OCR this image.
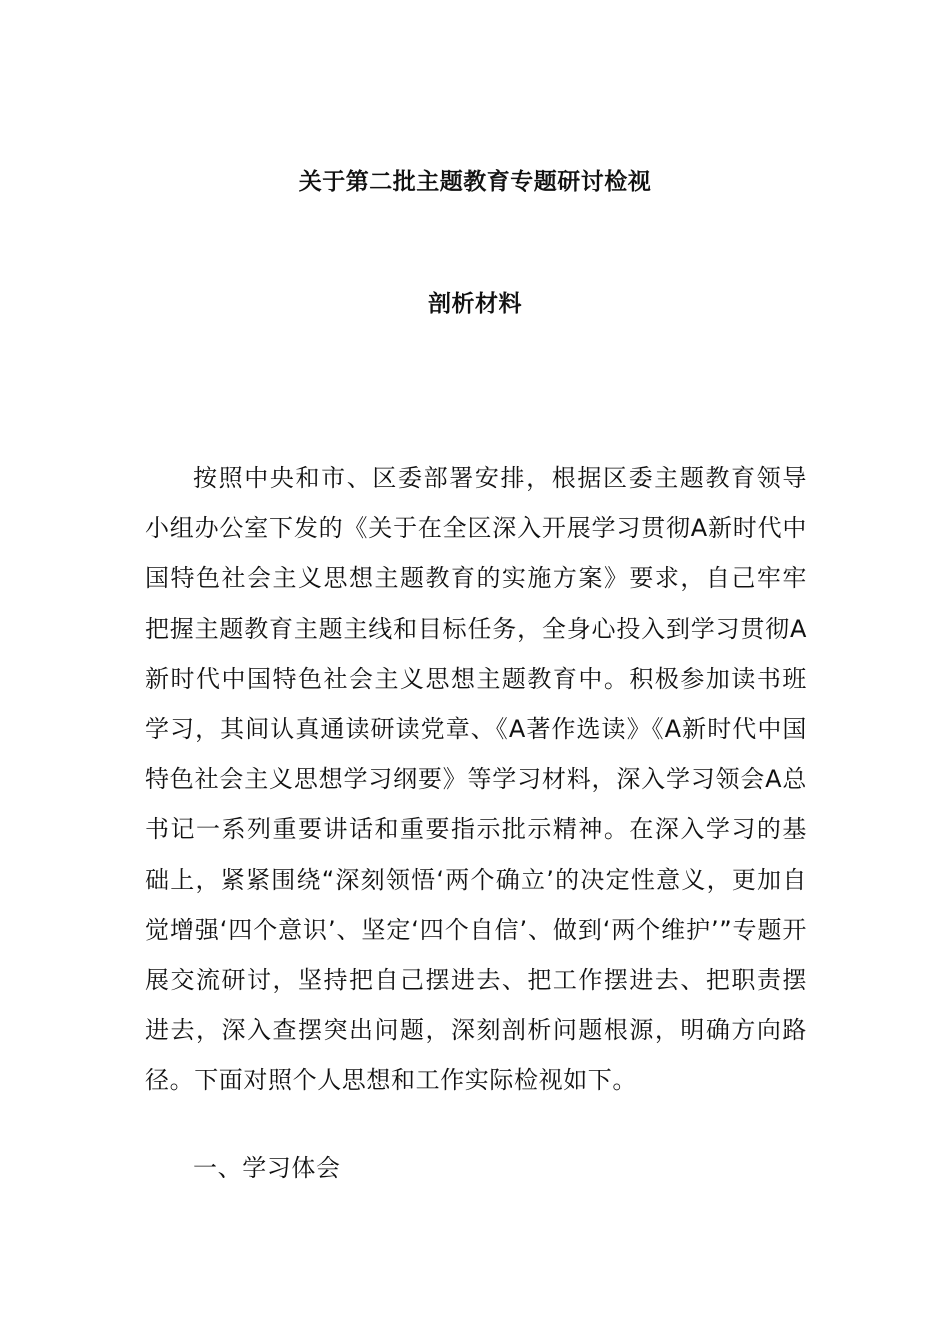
关于第二批主题教育专题研讨检视
剖析材料

按照中央和市、区委部署安排，根据区委主题教育领导小组办公室下发的《关于在全区深入开展学习贯彻A新时代中国特色社会主义思想主题教育的实施方案》要求，自己牢牢把握主题教育主题主线和目标任务，全身心投入到学习贯彻A新时代中国特色社会主义思想主题教育中。积极参加读书班学习，其间认真通读研读党章、《A著作选读》《A新时代中国特色社会主义思想学习纲要》等学习材料，深入学习领会A总书记一系列重要讲话和重要指示批示精神。在深入学习的基础上，紧紧围绕“深刻领悟‘两个确立’的决定性意义，更加自觉增强‘四个意识’、坚定‘四个自信’、做到‘两个维护’”专题开展交流研讨，坚持把自己摆进去、把工作摆进去、把职责摆进去，深入查摆突出问题，深刻剖析问题根源，明确方向路径。下面对照个人思想和工作实际检视如下。

一、学习体会
